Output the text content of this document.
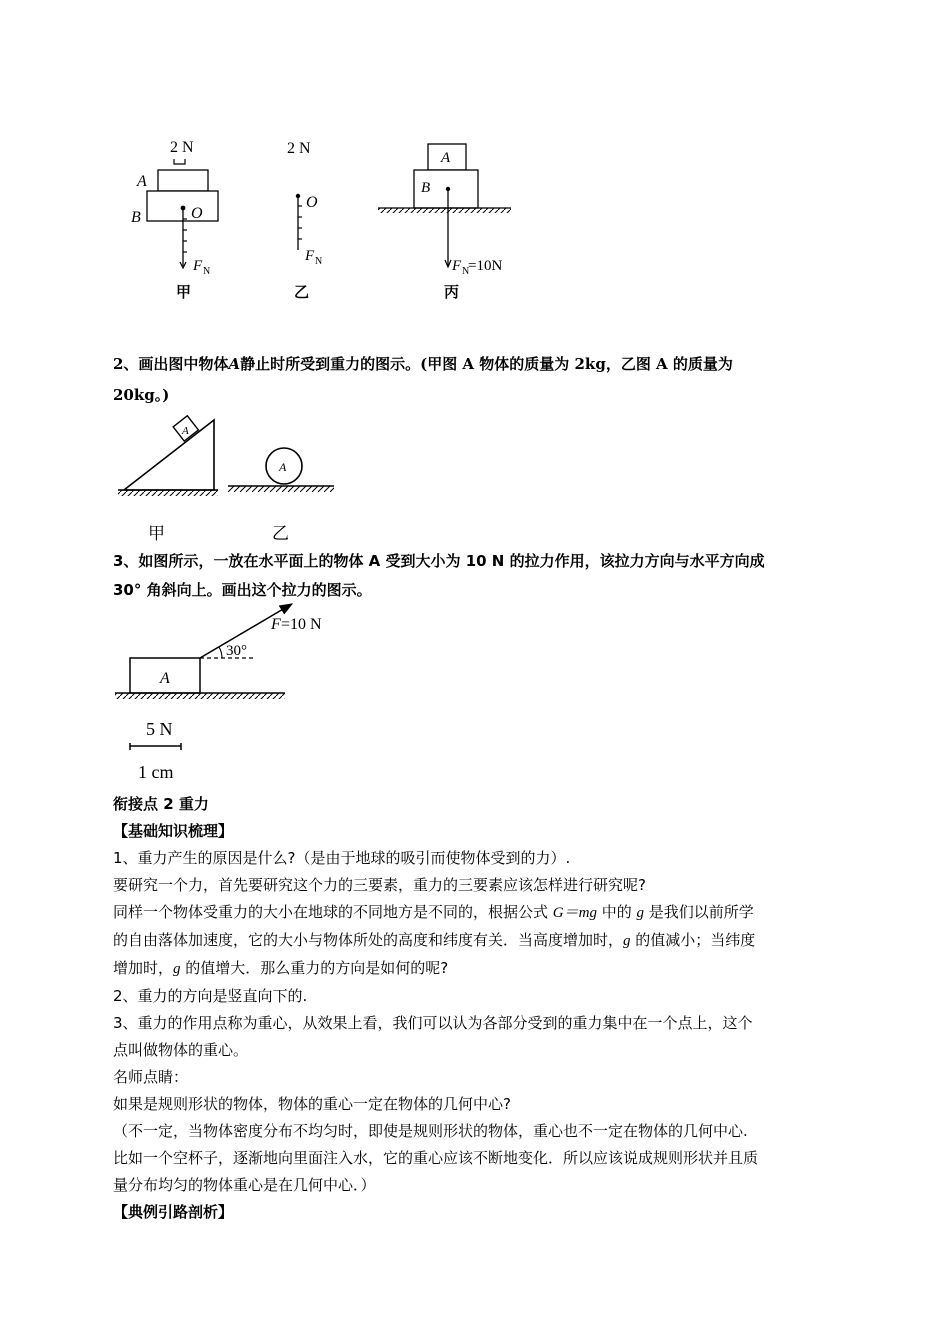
2 N
A
B	O
F N
甲
2 N
O
F N
乙
A
B
F N
=10N
丙
2、画出图中物体A静止时所受到重力的图示。(甲图 A 物体的质量为 2kg，乙图 A 的质量为
20kg。)
A
甲
A
乙
3、如图所示，一放在水平面上的物体 A 受到大小为 10 N 的拉力作用，该拉力方向与水平方向成
30° 角斜向上。画出这个拉力的图示。
A
30°
F =10 N
5 N
1 cm
衔接点 2 重力
【基础知识梳理】
1、重力产生的原因是什么?（是由于地球的吸引而使物体受到的力）.
要研究一个力，首先要研究这个力的三要素，重力的三要素应该怎样进行研究呢?
同样一个物体受重力的大小在地球的不同地方是不同的，根据公式 G＝mg 中的 g 是我们以前所学
的自由落体加速度，它的大小与物体所处的高度和纬度有关．当高度增加时，g 的值减小；当纬度
增加时，g 的值增大．那么重力的方向是如何的呢?
2、重力的方向是竖直向下的.
3、重力的作用点称为重心，从效果上看，我们可以认为各部分受到的重力集中在一个点上，这个
点叫做物体的重心。
名师点睛：
如果是规则形状的物体，物体的重心一定在物体的几何中心?
（不一定，当物体密度分布不均匀时，即使是规则形状的物体，重心也不一定在物体的几何中心.
比如一个空杯子，逐渐地向里面注入水，它的重心应该不断地变化．所以应该说成规则形状并且质
量分布均匀的物体重心是在几何中心．）
【典例引路剖析】
